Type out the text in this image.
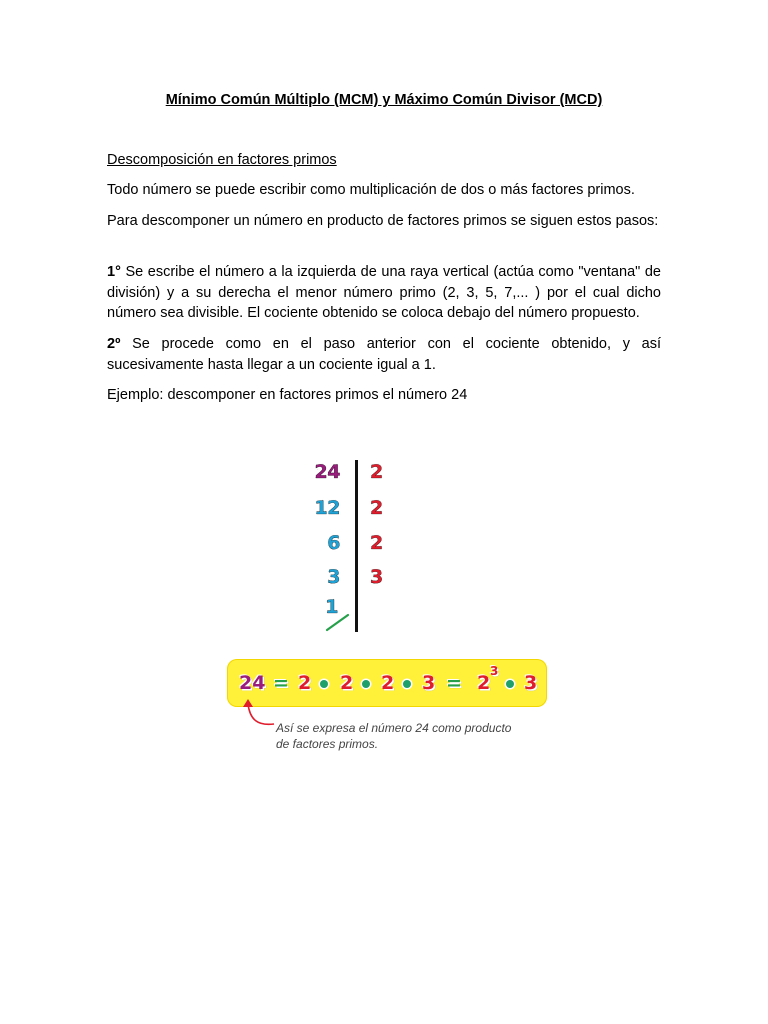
Mínimo Común Múltiplo (MCM) y Máximo Común Divisor (MCD)
Descomposición en factores primos
Todo número se puede escribir como multiplicación de dos o más factores primos.
Para descomponer un número en producto de factores primos se siguen estos pasos:
1° Se escribe el número a la izquierda de una raya vertical (actúa como "ventana" de división) y a su derecha el menor número primo (2, 3, 5, 7,... ) por el cual dicho número sea divisible. El cociente obtenido se coloca debajo del número propuesto.
2º Se procede como en el paso anterior con el cociente obtenido, y así sucesivamente hasta llegar a un cociente igual a 1.
Ejemplo: descomponer en factores primos el número 24
24
12
6
3
1
2
2
2
3
24 = 2 2 2 3 = 2
3
3
Así se expresa el número 24 como producto
de factores primos.
